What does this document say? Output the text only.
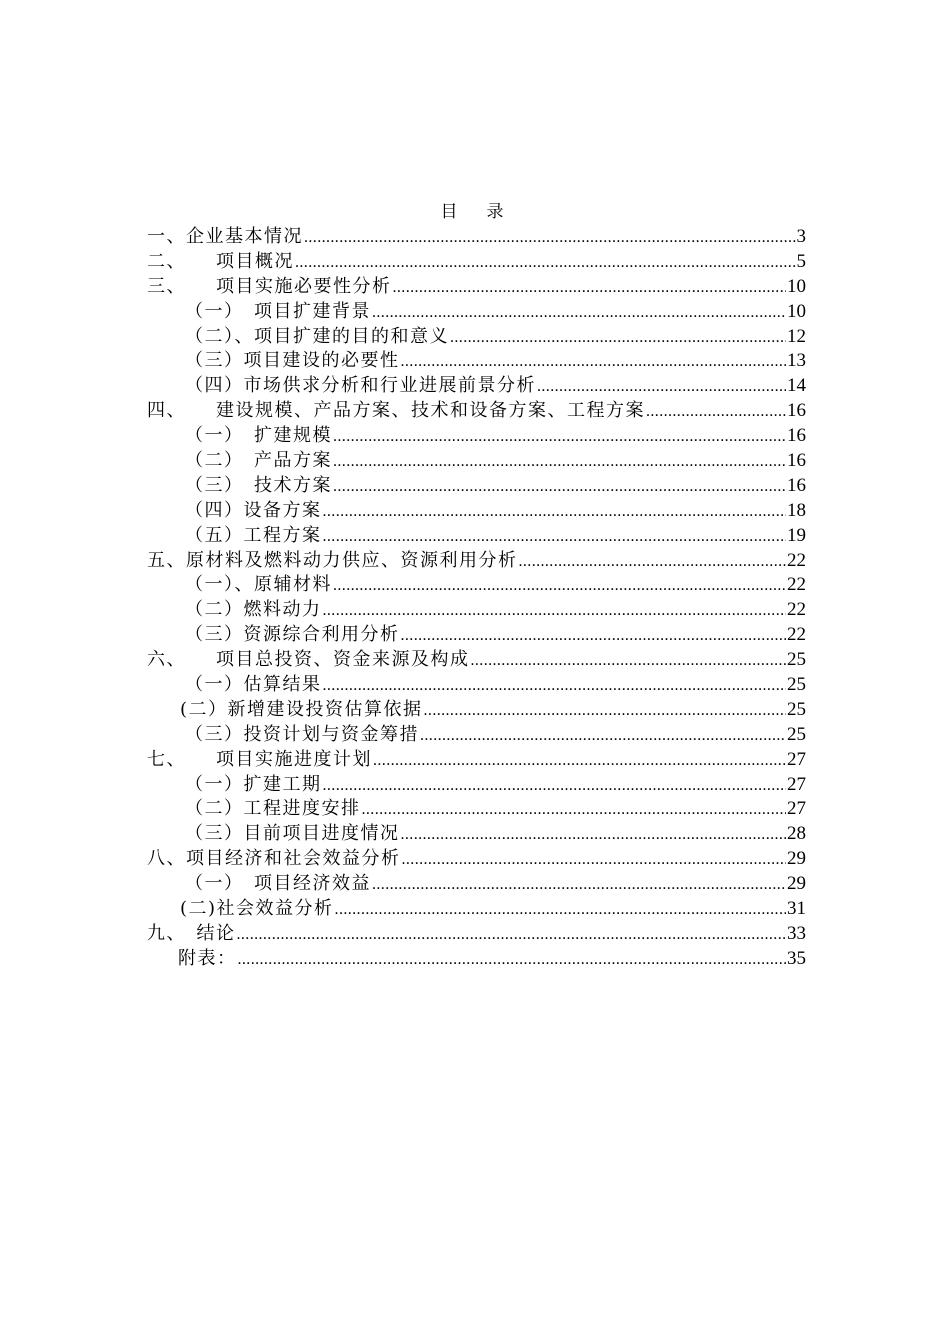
目　录
一、企业基本情况 .....	3
二、　　项目概况 .....	5
三、　　项目实施必要性分析 .....	10
（一）　项目扩建背景 .....	10
（二）、项目扩建的目的和意义 .....	12
（三）项目建设的必要性 .....	13
（四）市场供求分析和行业进展前景分析 .....	14
四、　　建设规模、产品方案、技术和设备方案、工程方案 .....	16
（一）　扩建规模 .....	16
（二）　产品方案 .....	16
（三）　技术方案 .....	16
（四）设备方案 .....	18
（五）工程方案 .....	19
五、原材料及燃料动力供应、资源利用分析 .....	22
（一）、原辅材料 .....	22
（二）燃料动力 .....	22
（三）资源综合利用分析 .....	22
六、　　项目总投资、资金来源及构成 .....	25
（一）估算结果 .....	25
(二）新增建设投资估算依据 .....	25
（三）投资计划与资金筹措 .....	25
七、　　项目实施进度计划 .....	27
（一）扩建工期 .....	27
（二）工程进度安排 .....	27
（三）目前项目进度情况 .....	28
八、项目经济和社会效益分析 .....	29
（一）　项目经济效益 .....	29
(二)社会效益分析 .....	31
九、　结论 .....	33
附表： .....	35
